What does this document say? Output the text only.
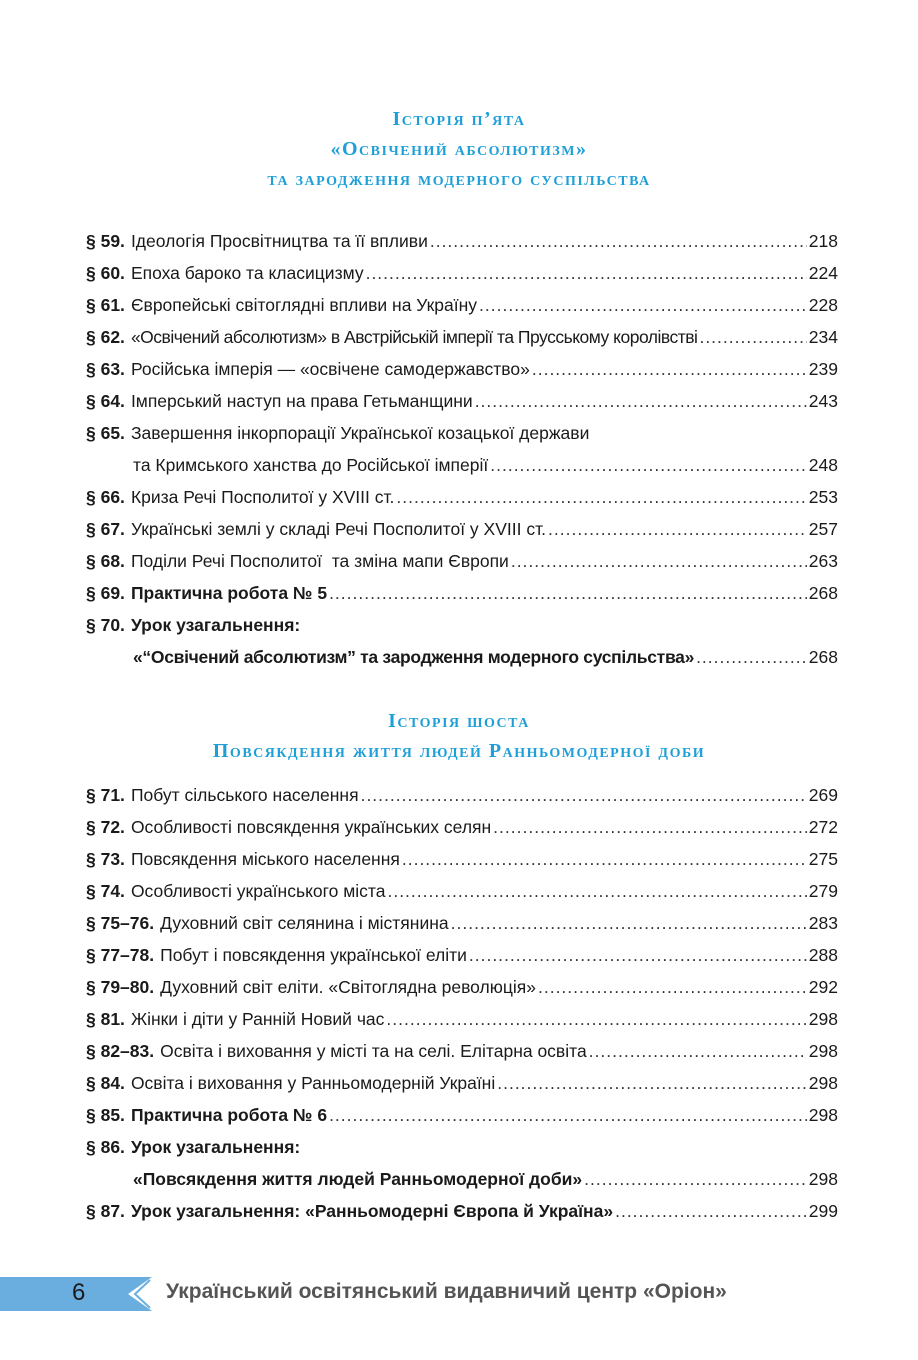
Історія п’ята
«Освічений абсолютизм»
та зародження модерного суспільства
§ 59. Ідеологія Просвітництва та її впливи .....	218
§ 60. Епоха бароко та класицизму .....	224
§ 61. Європейські світоглядні впливи на Україну .....	228
§ 62. «Освічений абсолютизм» в Австрійській імперії та Прусському королівстві .....	234
§ 63. Російська імперія — «освічене самодержавство» .....	239
§ 64. Імперський наступ на права Гетьманщини .....	243
§ 65. Завершення інкорпорації Української козацької держави
та Кримського ханства до Російської імперії .....	248
§ 66. Криза Речі Посполитої у XVIII ст. .....	253
§ 67. Українські землі у складі Речі Посполитої у XVIII ст. .....	257
§ 68. Поділи Речі Посполитої  та зміна мапи Європи .....	263
§ 69. Практична робота № 5 .....	268
§ 70. Урок узагальнення:
«“Освічений абсолютизм” та зародження модерного суспільства» .....	268
Історія шоста
Повсякдення життя людей Ранньомодерної доби
§ 71. Побут сільського населення .....	269
§ 72. Особливості повсякдення українських селян .....	272
§ 73. Повсякдення міського населення .....	275
§ 74. Особливості українського міста .....	279
§ 75–76. Духовний світ селянина і містянина .....	283
§ 77–78. Побут і повсякдення української еліти .....	288
§ 79–80. Духовний світ еліти. «Світоглядна революція» .....	292
§ 81. Жінки і діти у Ранній Новий час .....	298
§ 82–83. Освіта і виховання у місті та на селі. Елітарна освіта .....	298
§ 84. Освіта і виховання у Ранньомодерній Україні .....	298
§ 85. Практична робота № 6 .....	298
§ 86. Урок узагальнення:
«Повсякдення життя людей Ранньомодерної доби» .....	298
§ 87. Урок узагальнення: «Ранньомодерні Європа й Україна» .....	299
6	Український освітянський видавничий центр «Оріон»
